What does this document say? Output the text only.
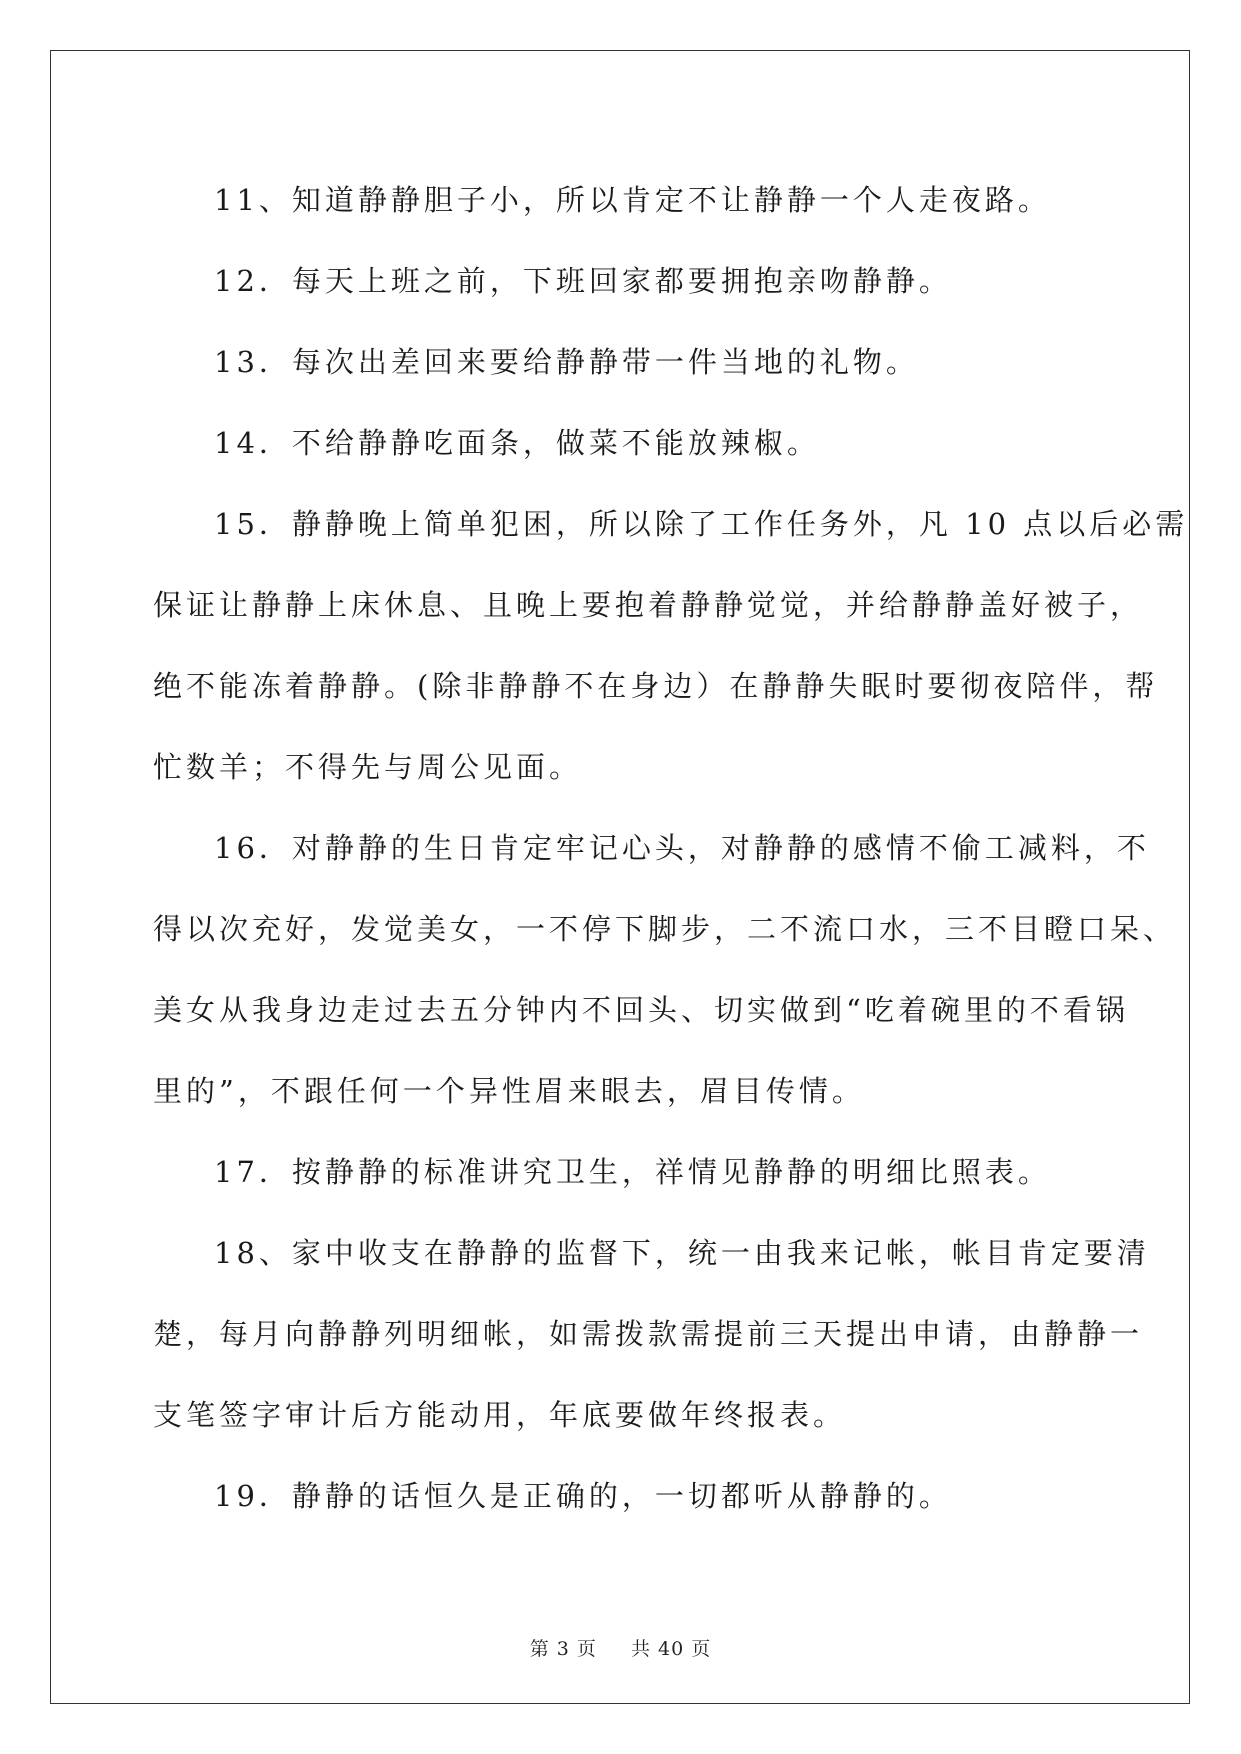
11、知道静静胆子小，所以肯定不让静静一个人走夜路。

12．每天上班之前，下班回家都要拥抱亲吻静静。

13．每次出差回来要给静静带一件当地的礼物。

14．不给静静吃面条，做菜不能放辣椒。

15．静静晚上简单犯困，所以除了工作任务外，凡 10 点以后必需
保证让静静上床休息、且晚上要抱着静静觉觉，并给静静盖好被子，
绝不能冻着静静。(除非静静不在身边）在静静失眠时要彻夜陪伴，帮
忙数羊；不得先与周公见面。

16．对静静的生日肯定牢记心头，对静静的感情不偷工减料，不
得以次充好，发觉美女，一不停下脚步，二不流口水，三不目瞪口呆、
美女从我身边走过去五分钟内不回头、切实做到“吃着碗里的不看锅
里的”，不跟任何一个异性眉来眼去，眉目传情。

17．按静静的标准讲究卫生，祥情见静静的明细比照表。

18、家中收支在静静的监督下，统一由我来记帐，帐目肯定要清
楚，每月向静静列明细帐，如需拨款需提前三天提出申请，由静静一
支笔签字审计后方能动用，年底要做年终报表。

19．静静的话恒久是正确的，一切都听从静静的。

第 3 页 共 40 页
